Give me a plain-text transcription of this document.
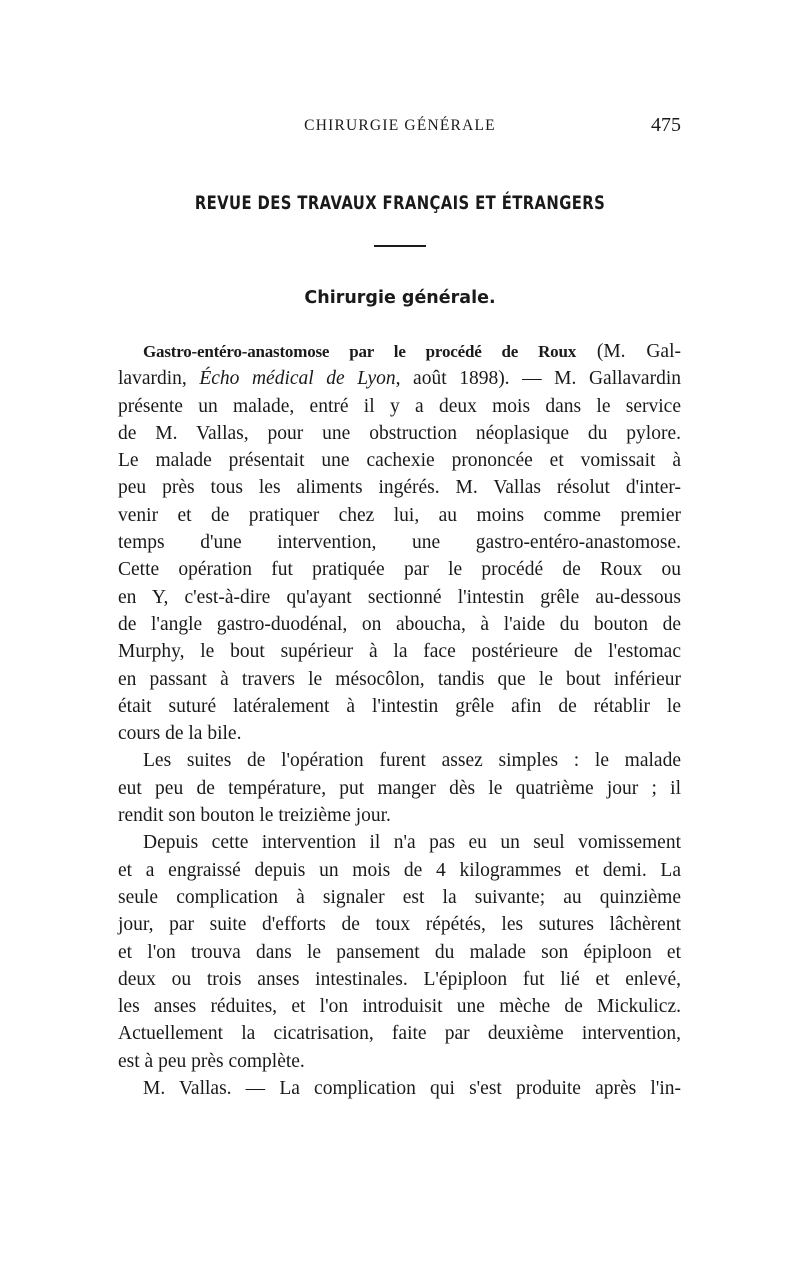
CHIRURGIE GÉNÉRALE	475
REVUE DES TRAVAUX FRANÇAIS ET ÉTRANGERS
Chirurgie générale.

Gastro-entéro-anastomose par le procédé de Roux (M. Gal-

lavardin, Écho médical de Lyon, août 1898). — M. Gallavardin

présente un malade, entré il y a deux mois dans le service

de M. Vallas, pour une obstruction néoplasique du pylore.

Le malade présentait une cachexie prononcée et vomissait à

peu près tous les aliments ingérés. M. Vallas résolut d'inter-

venir et de pratiquer chez lui, au moins comme premier

temps d'une intervention, une gastro-entéro-anastomose.

Cette opération fut pratiquée par le procédé de Roux ou

en Y, c'est-à-dire qu'ayant sectionné l'intestin grêle au-dessous

de l'angle gastro-duodénal, on aboucha, à l'aide du bouton de

Murphy, le bout supérieur à la face postérieure de l'estomac

en passant à travers le mésocôlon, tandis que le bout inférieur

était suturé latéralement à l'intestin grêle afin de rétablir le

cours de la bile.

Les suites de l'opération furent assez simples : le malade

eut peu de température, put manger dès le quatrième jour ; il

rendit son bouton le treizième jour.

Depuis cette intervention il n'a pas eu un seul vomissement

et a engraissé depuis un mois de 4 kilogrammes et demi. La

seule complication à signaler est la suivante; au quinzième

jour, par suite d'efforts de toux répétés, les sutures lâchèrent

et l'on trouva dans le pansement du malade son épiploon et

deux ou trois anses intestinales. L'épiploon fut lié et enlevé,

les anses réduites, et l'on introduisit une mèche de Mickulicz.

Actuellement la cicatrisation, faite par deuxième intervention,

est à peu près complète.

M. Vallas. — La complication qui s'est produite après l'in-
